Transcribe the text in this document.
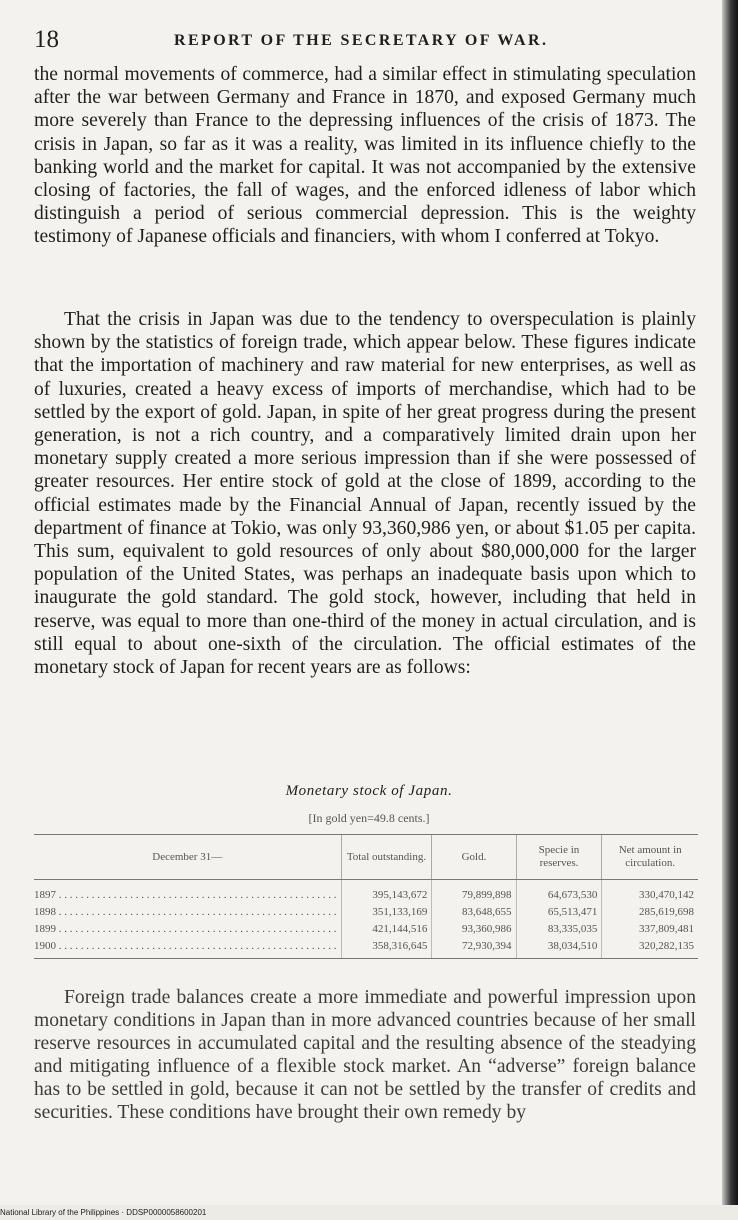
18	REPORT OF THE SECRETARY OF WAR.

the normal movements of commerce, had a similar effect in stimulating speculation after the war between Germany and France in 1870, and exposed Germany much more severely than France to the depressing influences of the crisis of 1873. The crisis in Japan, so far as it was a reality, was limited in its influence chiefly to the banking world and the market for capital. It was not accompanied by the extensive closing of factories, the fall of wages, and the enforced idleness of labor which distinguish a period of serious commercial depression. This is the weighty testimony of Japanese officials and financiers, with whom I conferred at Tokyo.

That the crisis in Japan was due to the tendency to overspeculation is plainly shown by the statistics of foreign trade, which appear below. These figures indicate that the importation of machinery and raw material for new enterprises, as well as of luxuries, created a heavy excess of imports of merchandise, which had to be settled by the export of gold. Japan, in spite of her great progress during the present generation, is not a rich country, and a comparatively limited drain upon her monetary supply created a more serious impression than if she were possessed of greater resources. Her entire stock of gold at the close of 1899, according to the official estimates made by the Financial Annual of Japan, recently issued by the department of finance at Tokio, was only 93,360,986 yen, or about $1.05 per capita. This sum, equivalent to gold resources of only about $80,000,000 for the larger population of the United States, was perhaps an inadequate basis upon which to inaugurate the gold standard. The gold stock, however, including that held in reserve, was equal to more than one-third of the money in actual circulation, and is still equal to about one-sixth of the circulation. The official estimates of the monetary stock of Japan for recent years are as follows:

Monetary stock of Japan.
[In gold yen=49.8 cents.]
December 31—	Total outstanding.	Gold.	Specie in reserves.	Net amount in circulation.
1897 . . . . . . . . . . . . . . . . . . . . . . . . . . . . . . . . . . . . . . . . . . . . . . . . . . .	395,143,672	79,899,898	64,673,530	330,470,142
1898 . . . . . . . . . . . . . . . . . . . . . . . . . . . . . . . . . . . . . . . . . . . . . . . . . . .	351,133,169	83,648,655	65,513,471	285,619,698
1899 . . . . . . . . . . . . . . . . . . . . . . . . . . . . . . . . . . . . . . . . . . . . . . . . . . .	421,144,516	93,360,986	83,335,035	337,809,481
1900 . . . . . . . . . . . . . . . . . . . . . . . . . . . . . . . . . . . . . . . . . . . . . . . . . . .	358,316,645	72,930,394	38,034,510	320,282,135

Foreign trade balances create a more immediate and powerful impression upon monetary conditions in Japan than in more advanced countries because of her small reserve resources in accumulated capital and the resulting absence of the steadying and mitigating influence of a flexible stock market. An “adverse” foreign balance has to be settled in gold, because it can not be settled by the transfer of credits and securities. These conditions have brought their own remedy by

National Library of the Philippines · DDSP0000058600201
